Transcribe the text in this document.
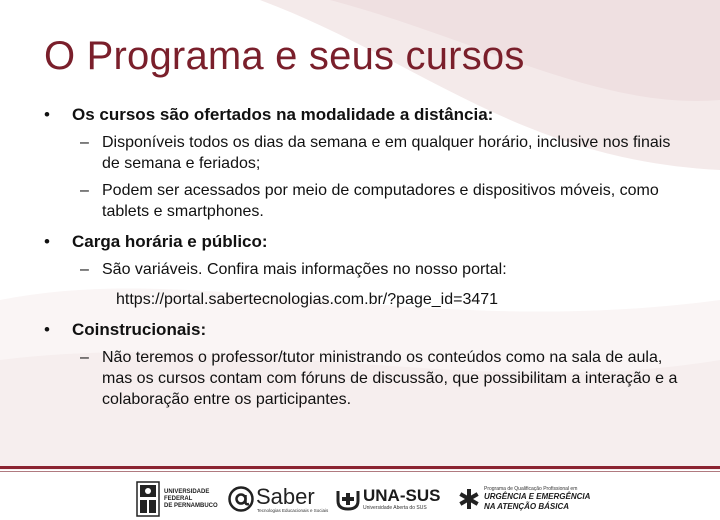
O Programa e seus cursos
• Os cursos são ofertados na modalidade a distância:
– Disponíveis todos os dias da semana e em qualquer horário, inclusive nos finais de semana e feriados;
– Podem ser acessados por meio de computadores e dispositivos móveis, como tablets e smartphones.
• Carga horária e público:
– São variáveis. Confira mais informações no nosso portal:
https://portal.sabertecnologias.com.br/?page_id=3471
• Coinstrucionais:
– Não teremos o professor/tutor ministrando os conteúdos como na sala de aula, mas os cursos contam com fóruns de discussão, que possibilitam a interação e a colaboração entre os participantes.
UNIVERSIDADE
FEDERAL
DE PERNAMBUCO Saber
Tecnologias Educacionais e Sociais
UNA-SUS
Universidade Aberta do SUS
Programa de Qualificação Profissional em
URGÊNCIA E EMERGÊNCIA
NA ATENÇÃO BÁSICA
